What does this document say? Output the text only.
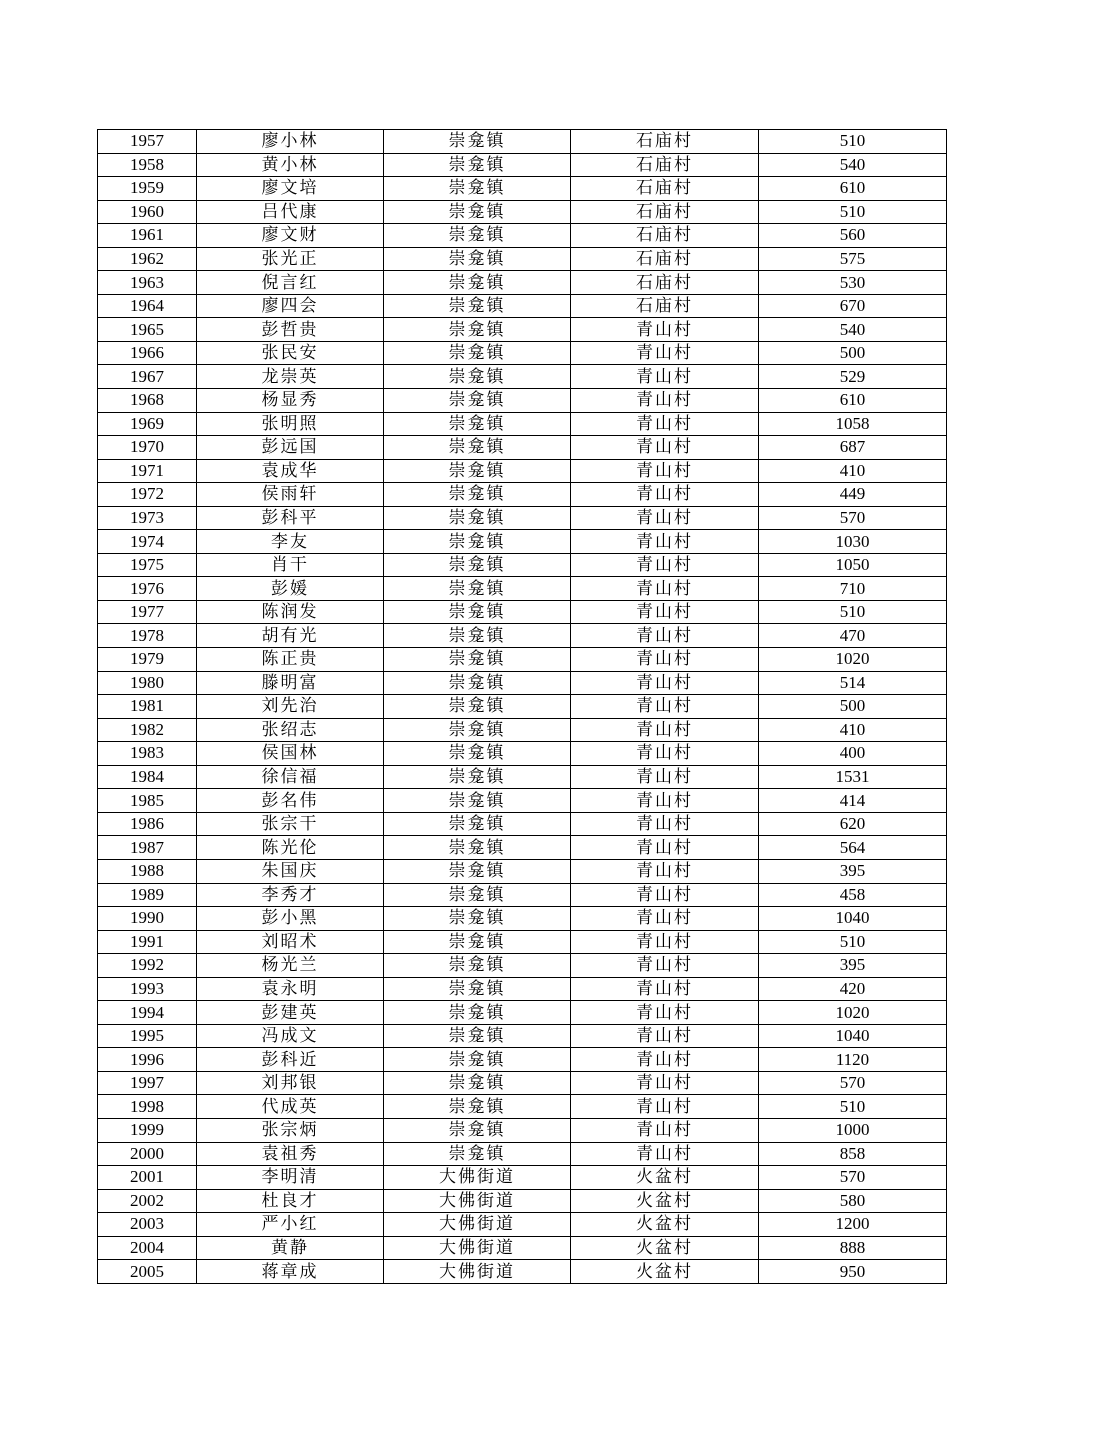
1957	廖小林	崇龛镇	石庙村	510
1958	黄小林	崇龛镇	石庙村	540
1959	廖文培	崇龛镇	石庙村	610
1960	吕代康	崇龛镇	石庙村	510
1961	廖文财	崇龛镇	石庙村	560
1962	张光正	崇龛镇	石庙村	575
1963	倪言红	崇龛镇	石庙村	530
1964	廖四会	崇龛镇	石庙村	670
1965	彭哲贵	崇龛镇	青山村	540
1966	张民安	崇龛镇	青山村	500
1967	龙崇英	崇龛镇	青山村	529
1968	杨显秀	崇龛镇	青山村	610
1969	张明照	崇龛镇	青山村	1058
1970	彭远国	崇龛镇	青山村	687
1971	袁成华	崇龛镇	青山村	410
1972	侯雨轩	崇龛镇	青山村	449
1973	彭科平	崇龛镇	青山村	570
1974	李友	崇龛镇	青山村	1030
1975	肖干	崇龛镇	青山村	1050
1976	彭媛	崇龛镇	青山村	710
1977	陈润发	崇龛镇	青山村	510
1978	胡有光	崇龛镇	青山村	470
1979	陈正贵	崇龛镇	青山村	1020
1980	滕明富	崇龛镇	青山村	514
1981	刘先治	崇龛镇	青山村	500
1982	张绍志	崇龛镇	青山村	410
1983	侯国林	崇龛镇	青山村	400
1984	徐信福	崇龛镇	青山村	1531
1985	彭名伟	崇龛镇	青山村	414
1986	张宗干	崇龛镇	青山村	620
1987	陈光伦	崇龛镇	青山村	564
1988	朱国庆	崇龛镇	青山村	395
1989	李秀才	崇龛镇	青山村	458
1990	彭小黑	崇龛镇	青山村	1040
1991	刘昭术	崇龛镇	青山村	510
1992	杨光兰	崇龛镇	青山村	395
1993	袁永明	崇龛镇	青山村	420
1994	彭建英	崇龛镇	青山村	1020
1995	冯成文	崇龛镇	青山村	1040
1996	彭科近	崇龛镇	青山村	1120
1997	刘邦银	崇龛镇	青山村	570
1998	代成英	崇龛镇	青山村	510
1999	张宗炳	崇龛镇	青山村	1000
2000	袁祖秀	崇龛镇	青山村	858
2001	李明清	大佛街道	火盆村	570
2002	杜良才	大佛街道	火盆村	580
2003	严小红	大佛街道	火盆村	1200
2004	黄静	大佛街道	火盆村	888
2005	蒋章成	大佛街道	火盆村	950
